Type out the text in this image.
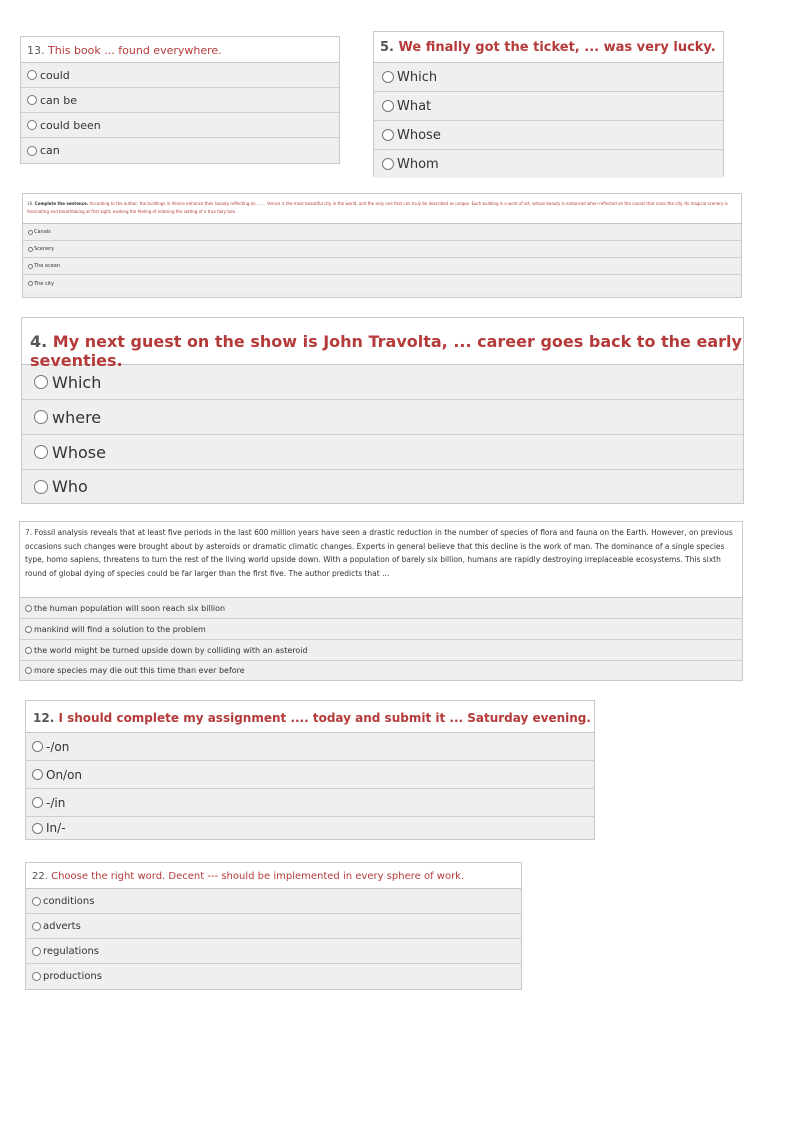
13. This book ... found everywhere.
could
can be
could been
can
5. We finally got the ticket, ... was very lucky.
Which
What
Whose
Whom
18. Complete the sentence. According to the author, the buildings in Venice enhance their beauty reflecting on ....... Venice is the most beautiful city in the world, and the only one that can truly be described as unique. Each building is a work of art, whose beauty is enhanced when reflected on the canals that cross the city. Its magical scenery is fascinating and breathtaking at first sight, evoking the feeling of entering the setting of a true fairy tale.
Canals
Scenery
The ocean
The city
4. My next guest on the show is John Travolta, ... career goes back to the early seventies.
Which
where
Whose
Who
7. Fossil analysis reveals that at least five periods in the last 600 million years have seen a drastic reduction in the number of species of flora and fauna on the Earth. However, on previous occasions such changes were brought about by asteroids or dramatic climatic changes. Experts in general believe that this decline is the work of man. The dominance of a single species type, homo sapiens, threatens to turn the rest of the living world upside down. With a population of barely six billion, humans are rapidly destroying irreplaceable ecosystems. This sixth round of global dying of species could be far larger than the first five. The author predicts that ...
the human population will soon reach six billion
mankind will find a solution to the problem
the world might be turned upside down by colliding with an asteroid
more species may die out this time than ever before
12. I should complete my assignment .... today and submit it ... Saturday evening.
-/on
On/on
-/in
In/-
22. Choose the right word. Decent --- should be implemented in every sphere of work.
conditions
adverts
regulations
productions
